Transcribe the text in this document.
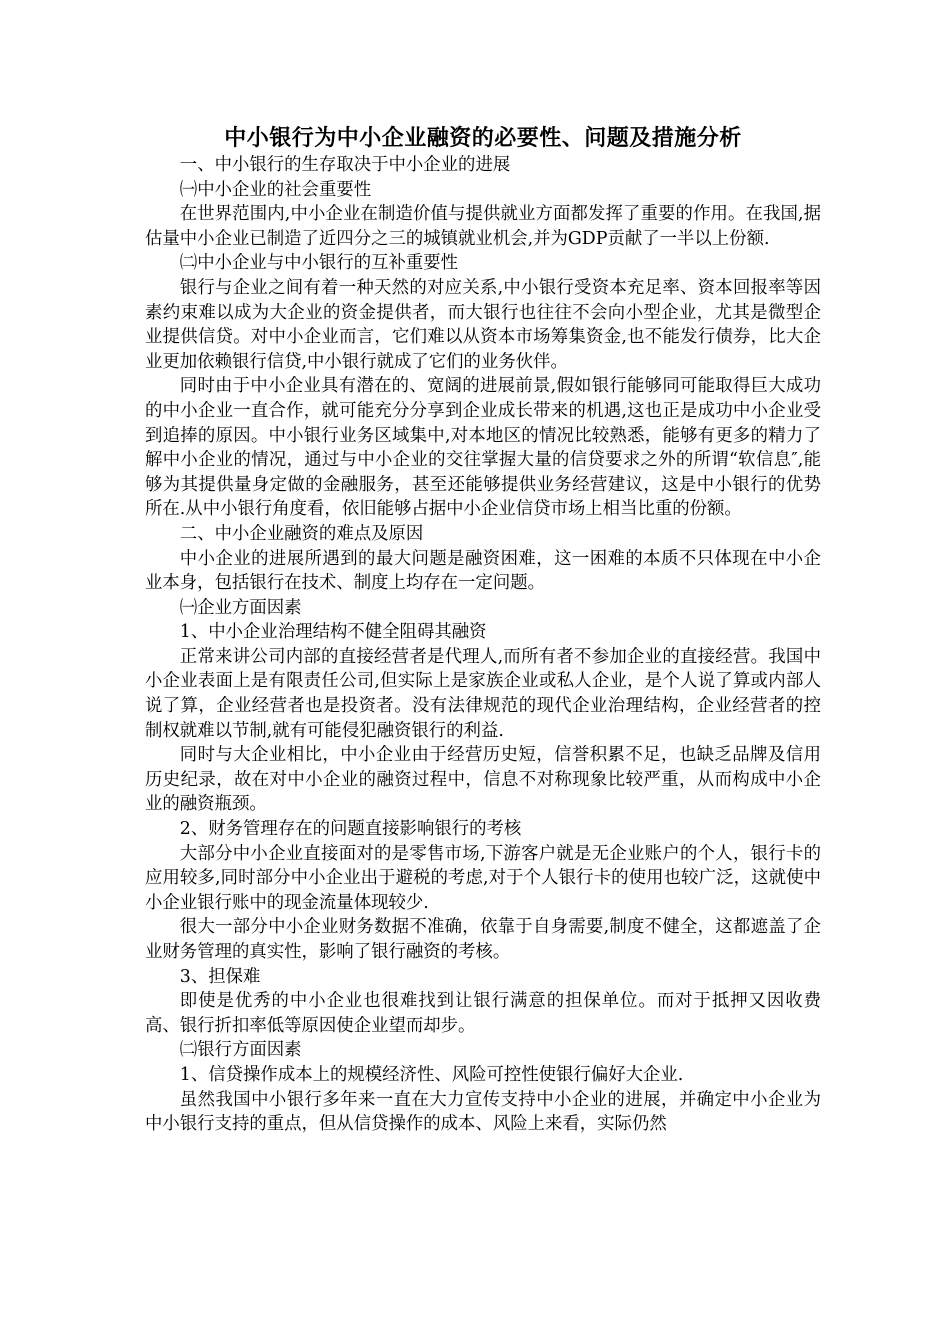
中小银行为中小企业融资的必要性、问题及措施分析

一、中小银行的生存取决于中小企业的进展

㈠中小企业的社会重要性

在世界范围内,中小企业在制造价值与提供就业方面都发挥了重要的作用。在我国,据估量中小企业已制造了近四分之三的城镇就业机会,并为GDP贡献了一半以上份额.

㈡中小企业与中小银行的互补重要性

银行与企业之间有着一种天然的对应关系,中小银行受资本充足率、资本回报率等因素约束难以成为大企业的资金提供者，而大银行也往往不会向小型企业，尤其是微型企业提供信贷。对中小企业而言，它们难以从资本市场筹集资金,也不能发行债券，比大企业更加依赖银行信贷,中小银行就成了它们的业务伙伴。

同时由于中小企业具有潜在的、宽阔的进展前景,假如银行能够同可能取得巨大成功的中小企业一直合作，就可能充分分享到企业成长带来的机遇,这也正是成功中小企业受到追捧的原因。中小银行业务区域集中,对本地区的情况比较熟悉，能够有更多的精力了解中小企业的情况，通过与中小企业的交往掌握大量的信贷要求之外的所谓“软信息″,能够为其提供量身定做的金融服务，甚至还能够提供业务经营建议，这是中小银行的优势所在.从中小银行角度看，依旧能够占据中小企业信贷市场上相当比重的份额。

二、中小企业融资的难点及原因

中小企业的进展所遇到的最大问题是融资困难，这一困难的本质不只体现在中小企业本身，包括银行在技术、制度上均存在一定问题。

㈠企业方面因素

1、中小企业治理结构不健全阻碍其融资

正常来讲公司内部的直接经营者是代理人,而所有者不参加企业的直接经营。我国中小企业表面上是有限责任公司,但实际上是家族企业或私人企业，是个人说了算或内部人说了算，企业经营者也是投资者。没有法律规范的现代企业治理结构，企业经营者的控制权就难以节制,就有可能侵犯融资银行的利益.

同时与大企业相比，中小企业由于经营历史短，信誉积累不足，也缺乏品牌及信用历史纪录，故在对中小企业的融资过程中，信息不对称现象比较严重，从而构成中小企业的融资瓶颈。

2、财务管理存在的问题直接影响银行的考核

大部分中小企业直接面对的是零售市场,下游客户就是无企业账户的个人，银行卡的应用较多,同时部分中小企业出于避税的考虑,对于个人银行卡的使用也较广泛，这就使中小企业银行账中的现金流量体现较少.

很大一部分中小企业财务数据不准确，依靠于自身需要,制度不健全，这都遮盖了企业财务管理的真实性，影响了银行融资的考核。

3、担保难

即使是优秀的中小企业也很难找到让银行满意的担保单位。而对于抵押又因收费高、银行折扣率低等原因使企业望而却步。

㈡银行方面因素

1、信贷操作成本上的规模经济性、风险可控性使银行偏好大企业.

虽然我国中小银行多年来一直在大力宣传支持中小企业的进展，并确定中小企业为中小银行支持的重点，但从信贷操作的成本、风险上来看，实际仍然
